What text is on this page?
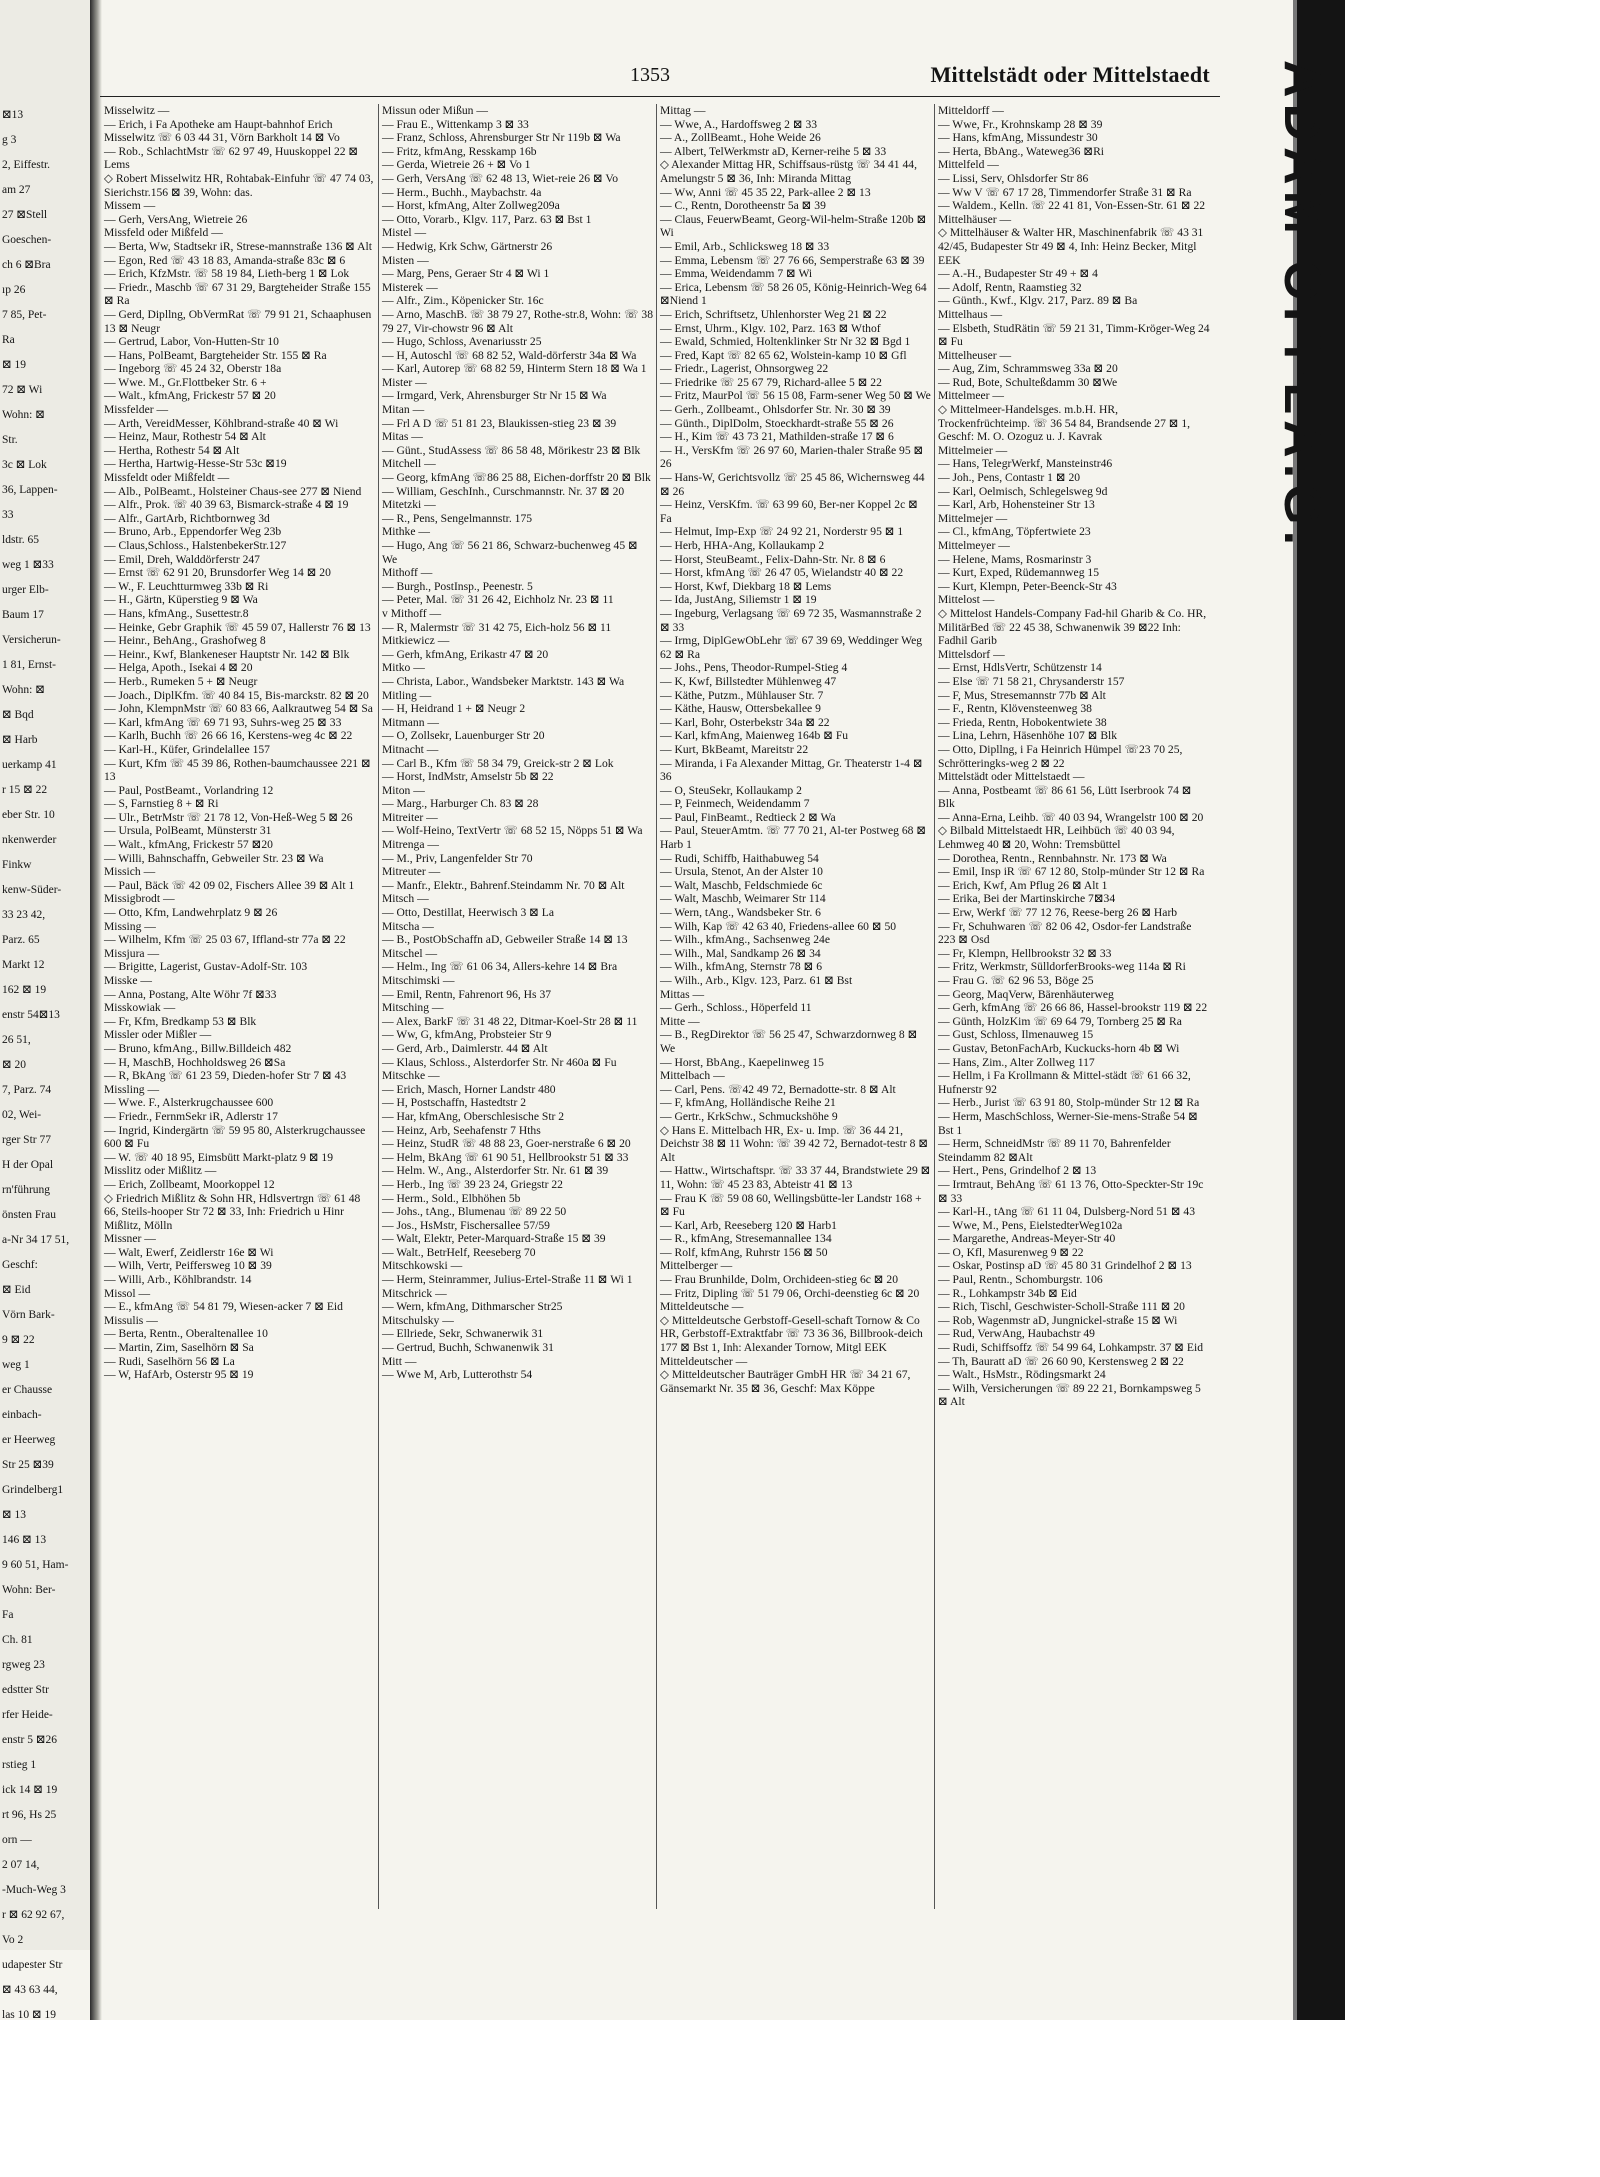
⊠13
g 3
2, Eiffestr.
am 27
27 ⊠Stell
Goeschen-
ch 6 ⊠Bra
ıp 26
7 85, Pet-
Ra
⊠ 19
72 ⊠ Wi
Wohn: ⊠
Str.
3c ⊠ Lok
36, Lappen-
33
ldstr. 65
weg 1 ⊠33
urger Elb-
Baum 17
Versicherun-
1 81, Ernst-
Wohn: ⊠
⊠ Bqd
⊠ Harb
uerkamp 41
r 15 ⊠ 22
eber Str. 10
nkenwerder
Finkw
kenw-Süder-
33 23 42,
Parz. 65
Markt 12
162 ⊠ 19
enstr 54⊠13
26 51,
⊠ 20
7, Parz. 74
02, Wei-
rger Str 77
H der Opal
rn'führung
önsten Frau
a-Nr 34 17 51,
Geschf:
⊠ Eid
Vörn Bark-
9 ⊠ 22
weg 1
er Chausse
einbach-
er Heerweg
Str 25 ⊠39
Grindelberg1
⊠ 13
146 ⊠ 13
9 60 51, Ham-
Wohn: Ber-
Fa
Ch. 81
rgweg 23
edstter Str
rfer Heide-
enstr 5 ⊠26
rstieg 1
ick 14 ⊠ 19
rt 96, Hs 25
orn —
2 07 14,
-Much-Weg 3
r ⊠ 62 92 67,
Vo 2
udapester Str
⊠ 43 63 44,
las 10 ⊠ 19
1353	Mittelstädt oder Mittelstaedt
Misselwitz —
— Erich, i Fa Apotheke am Haupt-bahnhof Erich Misselwitz ☏ 6 03 44 31, Vörn Barkholt 14 ⊠ Vo
— Rob., SchlachtMstr ☏ 62 97 49, Huuskoppel 22 ⊠ Lems
◇ Robert Misselwitz HR, Rohtabak-Einfuhr ☏ 47 74 03, Sierichstr.156 ⊠ 39, Wohn: das.
Missem —
— Gerh, VersAng, Wietreie 26
Missfeld oder Mißfeld —
— Berta, Ww, Stadtsekr iR, Strese-mannstraße 136 ⊠ Alt
— Egon, Red ☏ 43 18 83, Amanda-straße 83c ⊠ 6
— Erich, KfzMstr. ☏ 58 19 84, Lieth-berg 1 ⊠ Lok
— Friedr., Maschb ☏ 67 31 29, Bargteheider Straße 155 ⊠ Ra
— Gerd, Dipllng, ObVermRat ☏ 79 91 21, Schaaphusen 13 ⊠ Neugr
— Gertrud, Labor, Von-Hutten-Str 10
— Hans, PolBeamt, Bargteheider Str. 155 ⊠ Ra
— Ingeborg ☏ 45 24 32, Oberstr 18a
— Wwe. M., Gr.Flottbeker Str. 6 +
— Walt., kfmAng, Frickestr 57 ⊠ 20
Missfelder —
— Arth, VereidMesser, Köhlbrand-straße 40 ⊠ Wi
— Heinz, Maur, Rothestr 54 ⊠ Alt
— Hertha, Rothestr 54 ⊠ Alt
— Hertha, Hartwig-Hesse-Str 53c ⊠19
Missfeldt oder Mißfeldt —
— Alb., PolBeamt., Holsteiner Chaus-see 277 ⊠ Niend
— Alfr., Prok. ☏ 40 39 63, Bismarck-straße 4 ⊠ 19
— Alfr., GartArb, Richtbornweg 3d
— Bruno, Arb., Eppendorfer Weg 23b
— Claus,Schloss., HalstenbekerStr.127
— Emil, Dreh, Walddörferstr 247
— Ernst ☏ 62 91 20, Brunsdorfer Weg 14 ⊠ 20
— W., F. Leuchtturmweg 33b ⊠ Ri
— H., Gärtn, Küperstieg 9 ⊠ Wa
— Hans, kfmAng., Susettestr.8
— Heinke, Gebr Graphik ☏ 45 59 07, Hallerstr 76 ⊠ 13
— Heinr., BehAng., Grashofweg 8
— Heinr., Kwf, Blankeneser Hauptstr Nr. 142 ⊠ Blk
— Helga, Apoth., Isekai 4 ⊠ 20
— Herb., Rumeken 5 + ⊠ Neugr
— Joach., DiplKfm. ☏ 40 84 15, Bis-marckstr. 82 ⊠ 20
— John, KlempnMstr ☏ 60 83 66, Aalkrautweg 54 ⊠ Sa
— Karl, kfmAng ☏ 69 71 93, Suhrs-weg 25 ⊠ 33
— Karlh, Buchh ☏ 26 66 16, Kerstens-weg 4c ⊠ 22
— Karl-H., Küfer, Grindelallee 157
— Kurt, Kfm ☏ 45 39 86, Rothen-baumchaussee 221 ⊠ 13
— Paul, PostBeamt., Vorlandring 12
— S, Farnstieg 8 + ⊠ Ri
— Ulr., BetrMstr ☏ 21 78 12, Von-Heß-Weg 5 ⊠ 26
— Ursula, PolBeamt, Münsterstr 31
— Walt., kfmAng, Frickestr 57 ⊠20
— Willi, Bahnschaffn, Gebweiler Str. 23 ⊠ Wa
Missich —
— Paul, Bäck ☏ 42 09 02, Fischers Allee 39 ⊠ Alt 1
Missigbrodt —
— Otto, Kfm, Landwehrplatz 9 ⊠ 26
Missing —
— Wilhelm, Kfm ☏ 25 03 67, Iffland-str 77a ⊠ 22
Missjura —
— Brigitte, Lagerist, Gustav-Adolf-Str. 103
Misske —
— Anna, Postang, Alte Wöhr 7f ⊠33
Misskowiak —
— Fr, Kfm, Bredkamp 53 ⊠ Blk
Missler oder Mißler —
— Bruno, kfmAng., Billw.Billdeich 482
— H, MaschB, Hochholdsweg 26 ⊠Sa
— R, BkAng ☏ 61 23 59, Dieden-hofer Str 7 ⊠ 43
Missling —
— Wwe. F., Alsterkrugchaussee 600
— Friedr., FernmSekr iR, Adlerstr 17
— Ingrid, Kindergärtn ☏ 59 95 80, Alsterkrugchaussee 600 ⊠ Fu
— W. ☏ 40 18 95, Eimsbütt Markt-platz 9 ⊠ 19
Misslitz oder Mißlitz —
— Erich, Zollbeamt, Moorkoppel 12
◇ Friedrich Mißlitz & Sohn HR, Hdlsvertrgn ☏ 61 48 66, Steils-hooper Str 72 ⊠ 33, Inh: Friedrich u Hinr Mißlitz, Mölln
Missner —
— Walt, Ewerf, Zeidlerstr 16e ⊠ Wi
— Wilh, Vertr, Peiffersweg 10 ⊠ 39
— Willi, Arb., Köhlbrandstr. 14
Missol —
— E., kfmAng ☏ 54 81 79, Wiesen-acker 7 ⊠ Eid
Missulis —
— Berta, Rentn., Oberaltenallee 10
— Martin, Zim, Saselhörn ⊠ Sa
— Rudi, Saselhörn 56 ⊠ La
— W, HafArb, Osterstr 95 ⊠ 19
Missun oder Mißun —
— Frau E., Wittenkamp 3 ⊠ 33
— Franz, Schloss, Ahrensburger Str Nr 119b ⊠ Wa
— Fritz, kfmAng, Resskamp 16b
— Gerda, Wietreie 26 + ⊠ Vo 1
— Gerh, VersAng ☏ 62 48 13, Wiet-reie 26 ⊠ Vo
— Herm., Buchh., Maybachstr. 4a
— Horst, kfmAng, Alter Zollweg209a
— Otto, Vorarb., Klgv. 117, Parz. 63 ⊠ Bst 1
Mistel —
— Hedwig, Krk Schw, Gärtnerstr 26
Misten —
— Marg, Pens, Geraer Str 4 ⊠ Wi 1
Misterek —
— Alfr., Zim., Köpenicker Str. 16c
— Arno, MaschB. ☏ 38 79 27, Rothe-str.8, Wohn: ☏ 38 79 27, Vir-chowstr 96 ⊠ Alt
— Hugo, Schloss, Avenariusstr 25
— H, Autoschl ☏ 68 82 52, Wald-dörferstr 34a ⊠ Wa
— Karl, Autorep ☏ 68 82 59, Hinterm Stern 18 ⊠ Wa 1
Mister —
— Irmgard, Verk, Ahrensburger Str Nr 15 ⊠ Wa
Mitan —
— Frl A D ☏ 51 81 23, Blaukissen-stieg 23 ⊠ 39
Mitas —
— Günt., StudAssess ☏ 86 58 48, Mörikestr 23 ⊠ Blk
Mitchell —
— Georg, kfmAng ☏86 25 88, Eichen-dorffstr 20 ⊠ Blk
— William, GeschInh., Curschmannstr. Nr. 37 ⊠ 20
Mitetzki —
— R., Pens, Sengelmannstr. 175
Mithke —
— Hugo, Ang ☏ 56 21 86, Schwarz-buchenweg 45 ⊠ We
Mithoff —
— Burgh., PostInsp., Peenestr. 5
— Peter, Mal. ☏ 31 26 42, Eichholz Nr. 23 ⊠ 11
v Mithoff —
— R, Malermstr ☏ 31 42 75, Eich-holz 56 ⊠ 11
Mitkiewicz —
— Gerh, kfmAng, Erikastr 47 ⊠ 20
Mitko —
— Christa, Labor., Wandsbeker Marktstr. 143 ⊠ Wa
Mitling —
— H, Heidrand 1 + ⊠ Neugr 2
Mitmann —
— O, Zollsekr, Lauenburger Str 20
Mitnacht —
— Carl B., Kfm ☏ 58 34 79, Greick-str 2 ⊠ Lok
— Horst, IndMstr, Amselstr 5b ⊠ 22
Miton —
— Marg., Harburger Ch. 83 ⊠ 28
Mitreiter —
— Wolf-Heino, TextVertr ☏ 68 52 15, Nöpps 51 ⊠ Wa
Mitrenga —
— M., Priv, Langenfelder Str 70
Mitreuter —
— Manfr., Elektr., Bahrenf.Steindamm Nr. 70 ⊠ Alt
Mitsch —
— Otto, Destillat, Heerwisch 3 ⊠ La
Mitscha —
— B., PostObSchaffn aD, Gebweiler Straße 14 ⊠ 13
Mitschel —
— Helm., Ing ☏ 61 06 34, Allers-kehre 14 ⊠ Bra
Mitschimski —
— Emil, Rentn, Fahrenort 96, Hs 37
Mitsching —
— Alex, BarkF ☏ 31 48 22, Ditmar-Koel-Str 28 ⊠ 11
— Ww, G, kfmAng, Probsteier Str 9
— Gerd, Arb., Daimlerstr. 44 ⊠ Alt
— Klaus, Schloss., Alsterdorfer Str. Nr 460a ⊠ Fu
Mitschke —
— Erich, Masch, Horner Landstr 480
— H, Postschaffn, Hastedtstr 2
— Har, kfmAng, Oberschlesische Str 2
— Heinz, Arb, Seehafenstr 7 Hths
— Heinz, StudR ☏ 48 88 23, Goer-nerstraße 6 ⊠ 20
— Helm, BkAng ☏ 61 90 51, Hellbrookstr 51 ⊠ 33
— Helm. W., Ang., Alsterdorfer Str. Nr. 61 ⊠ 39
— Herb., Ing ☏ 39 23 24, Griegstr 22
— Herm., Sold., Elbhöhen 5b
— Johs., tAng., Blumenau ☏ 89 22 50
— Jos., HsMstr, Fischersallee 57/59
— Walt, Elektr, Peter-Marquard-Straße 15 ⊠ 39
— Walt., BetrHelf, Reeseberg 70
Mitschkowski —
— Herm, Steinrammer, Julius-Ertel-Straße 11 ⊠ Wi 1
Mitschrick —
— Wern, kfmAng, Dithmarscher Str25
Mitschulsky —
— Ellriede, Sekr, Schwanerwik 31
— Gertrud, Buchh, Schwanenwik 31
Mitt —
— Wwe M, Arb, Lutterothstr 54
Mittag —
— Wwe, A., Hardoffsweg 2 ⊠ 33
— A., ZollBeamt., Hohe Weide 26
— Albert, TelWerkmstr aD, Kerner-reihe 5 ⊠ 33
◇ Alexander Mittag HR, Schiffsaus-rüstg ☏ 34 41 44, Amelungstr 5 ⊠ 36, Inh: Miranda Mittag
— Ww, Anni ☏ 45 35 22, Park-allee 2 ⊠ 13
— C., Rentn, Dorotheenstr 5a ⊠ 39
— Claus, FeuerwBeamt, Georg-Wil-helm-Straße 120b ⊠ Wi
— Emil, Arb., Schlicksweg 18 ⊠ 33
— Emma, Lebensm ☏ 27 76 66, Semperstraße 63 ⊠ 39
— Emma, Weidendamm 7 ⊠ Wi
— Erica, Lebensm ☏ 58 26 05, König-Heinrich-Weg 64 ⊠Niend 1
— Erich, Schriftsetz, Uhlenhorster Weg 21 ⊠ 22
— Ernst, Uhrm., Klgv. 102, Parz. 163 ⊠ Wthof
— Ewald, Schmied, Holtenklinker Str Nr 32 ⊠ Bgd 1
— Fred, Kapt ☏ 82 65 62, Wolstein-kamp 10 ⊠ Gfl
— Friedr., Lagerist, Ohnsorgweg 22
— Friedrike ☏ 25 67 79, Richard-allee 5 ⊠ 22
— Fritz, MaurPol ☏ 56 15 08, Farm-sener Weg 50 ⊠ We
— Gerh., Zollbeamt., Ohlsdorfer Str. Nr. 30 ⊠ 39
— Günth., DiplDolm, Stoeckhardt-straße 55 ⊠ 26
— H., Kim ☏ 43 73 21, Mathilden-straße 17 ⊠ 6
— H., VersKfm ☏ 26 97 60, Marien-thaler Straße 95 ⊠ 26
— Hans-W, Gerichtsvollz ☏ 25 45 86, Wichernsweg 44 ⊠ 26
— Heinz, VersKfm. ☏ 63 99 60, Ber-ner Koppel 2c ⊠ Fa
— Helmut, Imp-Exp ☏ 24 92 21, Norderstr 95 ⊠ 1
— Herb, HHA-Ang, Kollaukamp 2
— Horst, SteuBeamt., Felix-Dahn-Str. Nr. 8 ⊠ 6
— Horst, kfmAng ☏ 26 47 05, Wielandstr 40 ⊠ 22
— Horst, Kwf, Diekbarg 18 ⊠ Lems
— Ida, JustAng, Siliemstr 1 ⊠ 19
— Ingeburg, Verlagsang ☏ 69 72 35, Wasmannstraße 2 ⊠ 33
— Irmg, DiplGewObLehr ☏ 67 39 69, Weddinger Weg 62 ⊠ Ra
— Johs., Pens, Theodor-Rumpel-Stieg 4
— K, Kwf, Billstedter Mühlenweg 47
— Käthe, Putzm., Mühlauser Str. 7
— Käthe, Hausw, Ottersbekallee 9
— Karl, Bohr, Osterbekstr 34a ⊠ 22
— Karl, kfmAng, Maienweg 164b ⊠ Fu
— Kurt, BkBeamt, Mareitstr 22
— Miranda, i Fa Alexander Mittag, Gr. Theaterstr 1-4 ⊠ 36
— O, SteuSekr, Kollaukamp 2
— P, Feinmech, Weidendamm 7
— Paul, FinBeamt., Redtieck 2 ⊠ Wa
— Paul, SteuerAmtm. ☏ 77 70 21, Al-ter Postweg 68 ⊠ Harb 1
— Rudi, Schiffb, Haithabuweg 54
— Ursula, Stenot, An der Alster 10
— Walt, Maschb, Feldschmiede 6c
— Walt, Maschb, Weimarer Str 114
— Wern, tAng., Wandsbeker Str. 6
— Wilh, Kap ☏ 42 63 40, Friedens-allee 60 ⊠ 50
— Wilh., kfmAng., Sachsenweg 24e
— Wilh., Mal, Sandkamp 26 ⊠ 34
— Wilh., kfmAng, Sternstr 78 ⊠ 6
— Wilh., Arb., Klgv. 123, Parz. 61 ⊠ Bst
Mittas —
— Gerh., Schloss., Höperfeld 11
Mitte —
— B., RegDirektor ☏ 56 25 47, Schwarzdornweg 8 ⊠ We
— Horst, BbAng., Kaepelinweg 15
Mittelbach —
— Carl, Pens. ☏42 49 72, Bernadotte-str. 8 ⊠ Alt
— F, kfmAng, Holländische Reihe 21
— Gertr., KrkSchw., Schmuckshöhe 9
◇ Hans E. Mittelbach HR, Ex- u. Imp. ☏ 36 44 21, Deichstr 38 ⊠ 11 Wohn: ☏ 39 42 72, Bernadot-testr 8 ⊠ Alt
— Hattw., Wirtschaftspr. ☏ 33 37 44, Brandstwiete 29 ⊠ 11, Wohn: ☏ 45 23 83, Abteistr 41 ⊠ 13
— Frau K ☏ 59 08 60, Wellingsbütte-ler Landstr 168 + ⊠ Fu
— Karl, Arb, Reeseberg 120 ⊠ Harb1
— R., kfmAng, Stresemannallee 134
— Rolf, kfmAng, Ruhrstr 156 ⊠ 50
Mittelberger —
— Frau Brunhilde, Dolm, Orchideen-stieg 6c ⊠ 20
— Fritz, Dipling ☏ 51 79 06, Orchi-deenstieg 6c ⊠ 20
Mitteldeutsche —
◇ Mitteldeutsche Gerbstoff-Gesell-schaft Tornow & Co HR, Gerbstoff-Extraktfabr ☏ 73 36 36, Billbrook-deich 177 ⊠ Bst 1, Inh: Alexander Tornow, Mitgl EEK
Mitteldeutscher —
◇ Mitteldeutscher Bauträger GmbH HR ☏ 34 21 67, Gänsemarkt Nr. 35 ⊠ 36, Geschf: Max Köppe
Mitteldorff —
— Wwe, Fr., Krohnskamp 28 ⊠ 39
— Hans, kfmAng, Missundestr 30
— Herta, BbAng., Wateweg36 ⊠Ri
Mittelfeld —
— Lissi, Serv, Ohlsdorfer Str 86
— Ww V ☏ 67 17 28, Timmendorfer Straße 31 ⊠ Ra
— Waldem., Kelln. ☏ 22 41 81, Von-Essen-Str. 61 ⊠ 22
Mittelhäuser —
◇ Mittelhäuser & Walter HR, Maschinenfabrik ☏ 43 31 42/45, Budapester Str 49 ⊠ 4, Inh: Heinz Becker, Mitgl EEK
— A.-H., Budapester Str 49 + ⊠ 4
— Adolf, Rentn, Raamstieg 32
— Günth., Kwf., Klgv. 217, Parz. 89 ⊠ Ba
Mittelhaus —
— Elsbeth, StudRätin ☏ 59 21 31, Timm-Kröger-Weg 24 ⊠ Fu
Mittelheuser —
— Aug, Zim, Schrammsweg 33a ⊠ 20
— Rud, Bote, Schulteßdamm 30 ⊠We
Mittelmeer —
◇ Mittelmeer-Handelsges. m.b.H. HR, Trockenfrüchteimp. ☏ 36 54 84, Brandsende 27 ⊠ 1, Geschf: M. O. Ozoguz u. J. Kavrak
Mittelmeier —
— Hans, TelegrWerkf, Mansteinstr46
— Joh., Pens, Contastr 1 ⊠ 20
— Karl, Oelmisch, Schlegelsweg 9d
— Karl, Arb, Hohensteiner Str 13
Mittelmejer —
— Cl., kfmAng, Töpfertwiete 23
Mittelmeyer —
— Helene, Mams, Rosmarinstr 3
— Kurt, Exped, Rüdemannweg 15
— Kurt, Klempn, Peter-Beenck-Str 43
Mittelost —
◇ Mittelost Handels-Company Fad-hil Gharib & Co. HR, MilitärBed ☏ 22 45 38, Schwanenwik 39 ⊠22 Inh: Fadhil Garib
Mittelsdorf —
— Ernst, HdlsVertr, Schützenstr 14
— Else ☏ 71 58 21, Chrysanderstr 157
— F, Mus, Stresemannstr 77b ⊠ Alt
— F., Rentn, Klövensteenweg 38
— Frieda, Rentn, Hobokentwiete 38
— Lina, Lehrn, Häsenhöhe 107 ⊠ Blk
— Otto, Dipllng, i Fa Heinrich Hümpel ☏23 70 25, Schrötteringks-weg 2 ⊠ 22
Mittelstädt oder Mittelstaedt —
— Anna, Postbeamt ☏ 86 61 56, Lütt Iserbrook 74 ⊠ Blk
— Anna-Erna, Leihb. ☏ 40 03 94, Wrangelstr 100 ⊠ 20
◇ Bilbald Mittelstaedt HR, Leihbüch ☏ 40 03 94, Lehmweg 40 ⊠ 20, Wohn: Tremsbüttel
— Dorothea, Rentn., Rennbahnstr. Nr. 173 ⊠ Wa
— Emil, Insp iR ☏ 67 12 80, Stolp-münder Str 12 ⊠ Ra
— Erich, Kwf, Am Pflug 26 ⊠ Alt 1
— Erika, Bei der Martinskirche 7⊠34
— Erw, Werkf ☏ 77 12 76, Reese-berg 26 ⊠ Harb
— Fr, Schuhwaren ☏ 82 06 42, Osdor-fer Landstraße 223 ⊠ Osd
— Fr, Klempn, Hellbrookstr 32 ⊠ 33
— Fritz, Werkmstr, SülldorferBrooks-weg 114a ⊠ Ri
— Frau G. ☏ 62 96 53, Böge 25
— Georg, MaqVerw, Bärenhäuterweg
— Gerh, kfmAng ☏ 26 66 86, Hassel-brookstr 119 ⊠ 22
— Günth, HolzKim ☏ 69 64 79, Tornberg 25 ⊠ Ra
— Gust, Schloss, Ilmenauweg 15
— Gustav, BetonFachArb, Kuckucks-horn 4b ⊠ Wi
— Hans, Zim., Alter Zollweg 117
— Hellm, i Fa Krollmann & Mittel-städt ☏ 61 66 32, Hufnerstr 92
— Herb., Jurist ☏ 63 91 80, Stolp-münder Str 12 ⊠ Ra
— Herm, MaschSchloss, Werner-Sie-mens-Straße 54 ⊠ Bst 1
— Herm, SchneidMstr ☏ 89 11 70, Bahrenfelder Steindamm 82 ⊠Alt
— Hert., Pens, Grindelhof 2 ⊠ 13
— Irmtraut, BehAng ☏ 61 13 76, Otto-Speckter-Str 19c ⊠ 33
— Karl-H., tAng ☏ 61 11 04, Dulsberg-Nord 51 ⊠ 43
— Wwe, M., Pens, EielstedterWeg102a
— Margarethe, Andreas-Meyer-Str 40
— O, Kfl, Masurenweg 9 ⊠ 22
— Oskar, Postinsp aD ☏ 45 80 31 Grindelhof 2 ⊠ 13
— Paul, Rentn., Schomburgstr. 106
— R., Lohkampstr 34b ⊠ Eid
— Rich, Tischl, Geschwister-Scholl-Straße 111 ⊠ 20
— Rob, Wagenmstr aD, Jungnickel-straße 15 ⊠ Wi
— Rud, VerwAng, Haubachstr 49
— Rudi, Schiffsoffz ☏ 54 99 64, Lohkampstr. 37 ⊠ Eid
— Th, Bauratt aD ☏ 26 60 90, Kerstensweg 2 ⊠ 22
— Walt., HsMstr., Rödingsmarkt 24
— Wilh, Versicherungen ☏ 89 22 21, Bornkampsweg 5 ⊠ Alt
ADAM OFFLA.G.
